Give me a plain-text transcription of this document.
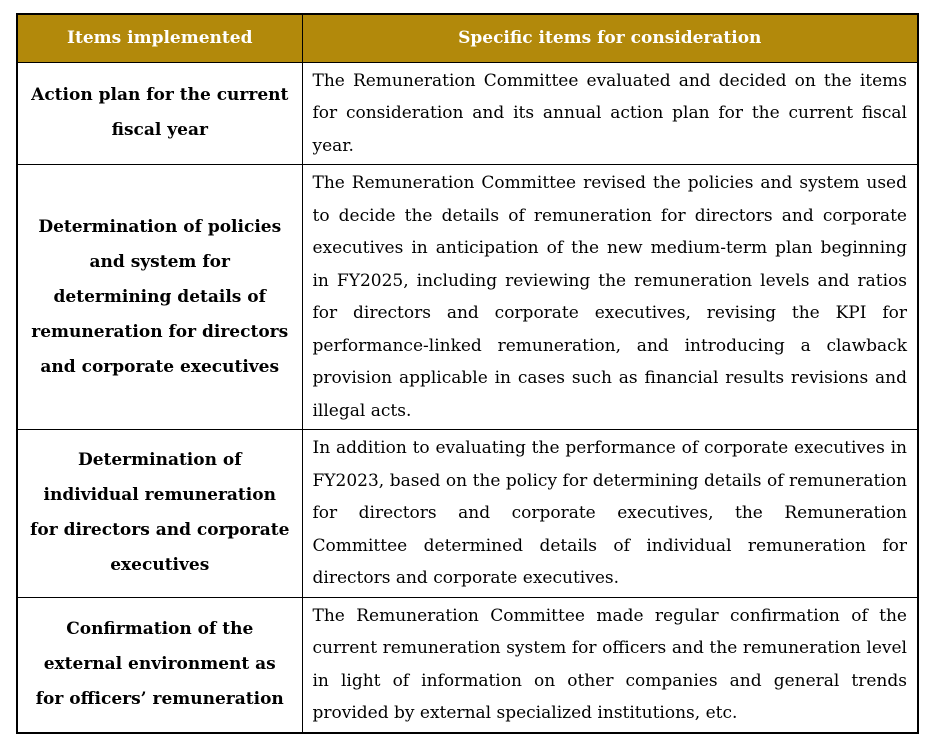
Items implemented	Specific items for consideration
Action plan for the current fiscal year	The Remuneration Committee evaluated and decided on the items for consideration and its annual action plan for the current fiscal year.
Determination of policies and system for determining details of remuneration for directors and corporate executives	The Remuneration Committee revised the policies and system used to decide the details of remuneration for directors and corporate executives in anticipation of the new medium-term plan beginning in FY2025, including reviewing the remuneration levels and ratios for directors and corporate executives, revising the KPI for performance-linked remuneration, and introducing a clawback provision applicable in cases such as financial results revisions and illegal acts.
Determination of individual remuneration for directors and corporate executives	In addition to evaluating the performance of corporate executives in FY2023, based on the policy for determining details of remuneration for directors and corporate executives, the Remuneration Committee determined details of individual remuneration for directors and corporate executives.
Confirmation of the external environment as for officers’ remuneration	The Remuneration Committee made regular confirmation of the current remuneration system for officers and the remuneration level in light of information on other companies and general trends provided by external specialized institutions, etc.
